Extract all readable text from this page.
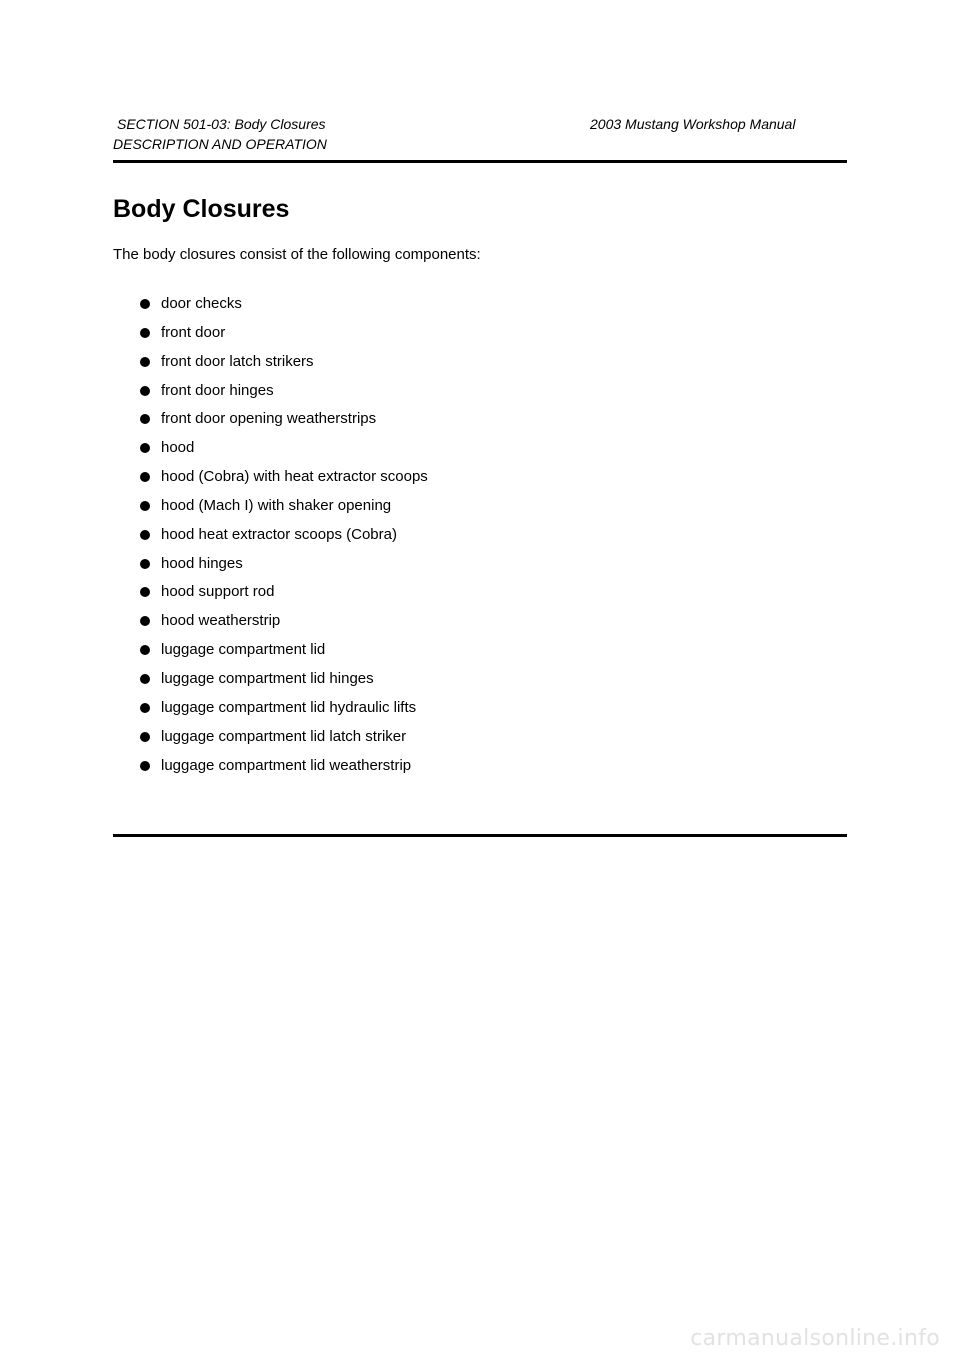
SECTION 501-03: Body Closures	2003 Mustang Workshop Manual
DESCRIPTION AND OPERATION
Body Closures

The body closures consist of the following components:

door checks
front door
front door latch strikers
front door hinges
front door opening weatherstrips
hood
hood (Cobra) with heat extractor scoops
hood (Mach I) with shaker opening
hood heat extractor scoops (Cobra)
hood hinges
hood support rod
hood weatherstrip
luggage compartment lid
luggage compartment lid hinges
luggage compartment lid hydraulic lifts
luggage compartment lid latch striker
luggage compartment lid weatherstrip
carmanualsonline.info
